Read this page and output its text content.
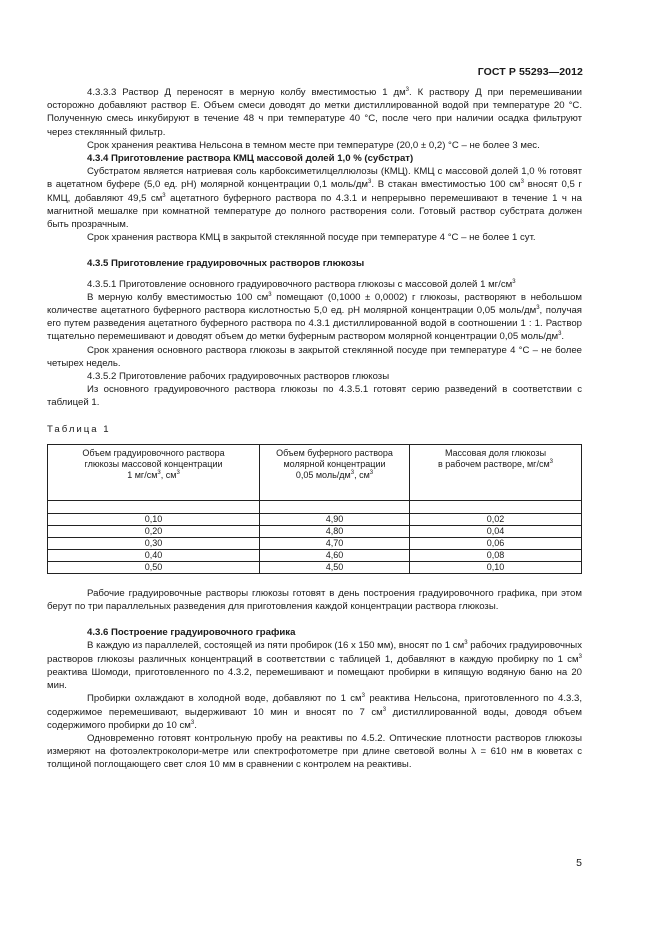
ГОСТ Р 55293—2012

4.3.3.3 Раствор Д переносят в мерную колбу вместимостью 1 $дм^3$. К раствору Д при перемешивании осторожно добавляют раствор Е. Объем смеси доводят до метки дистиллированной водой при температуре 20 °С. Полученную смесь инкубируют в течение 48 ч при температуре 40 °С, после чего при наличии осадка фильтруют через стеклянный фильтр.

Срок хранения реактива Нельсона в темном месте при температуре (20,0 ± 0,2) °С – не более 3 мес.

4.3.4 Приготовление раствора КМЦ массовой долей 1,0 % (субстрат)

Субстратом является натриевая соль карбоксиметилцеллюлозы (КМЦ). КМЦ с массовой долей 1,0 % готовят в ацетатном буфере (5,0 ед. pH) молярной концентрации 0,1 моль/$дм^3$. В стакан вместимостью 100 $см^3$ вносят 0,5 г КМЦ, добавляют 49,5 $см^3$ ацетатного буферного раствора по 4.3.1 и непрерывно перемешивают в течение 1 ч на магнитной мешалке при комнатной температуре до полного растворения соли. Готовый раствор субстрата должен быть прозрачным.

Срок хранения раствора КМЦ в закрытой стеклянной посуде при температуре 4 °С – не более 1 сут.

4.3.5 Приготовление градуировочных растворов глюкозы

4.3.5.1 Приготовление основного градуировочного раствора глюкозы с массовой долей 1 $мг/см^3$

В мерную колбу вместимостью 100 $см^3$ помещают (0,1000 ± 0,0002) г глюкозы, растворяют в небольшом количестве ацетатного буферного раствора кислотностью 5,0 ед. pH молярной концентрации 0,05 моль/$дм^3$, получая его путем разведения ацетатного буферного раствора по 4.3.1 дистиллированной водой в соотношении 1 : 1. Раствор тщательно перемешивают и доводят объем до метки буферным раствором молярной концентрации 0,05 моль/$дм^3$.

Срок хранения основного раствора глюкозы в закрытой стеклянной посуде при температуре 4 °С – не более четырех недель.

4.3.5.2 Приготовление рабочих градуировочных растворов глюкозы

Из основного градуировочного раствора глюкозы по 4.3.5.1 готовят серию разведений в соответствии с таблицей 1.

Таблица 1

Объем градуировочного раствора
глюкозы массовой концентрации
1 $мг/см^3$, $см^3$	Объем буферного раствора
молярной концентрации
0,05 моль/$дм^3$, $см^3$	Массовая доля глюкозы
в рабочем растворе, $мг/см^3$

0,10	4,90	0,02
0,20	4,80	0,04
0,30	4,70	0,06
0,40	4,60	0,08
0,50	4,50	0,10

Рабочие градуировочные растворы глюкозы готовят в день построения градуировочного графика, при этом берут по три параллельных разведения для приготовления каждой концентрации раствора глюкозы.

4.3.6 Построение градуировочного графика

В каждую из параллелей, состоящей из пяти пробирок (16 х 150 мм), вносят по 1 $см^3$ рабочих градуировочных растворов глюкозы различных концентраций в соответствии с таблицей 1, добавляют в каждую пробирку по 1 $см^3$ реактива Шомоди, приготовленного по 4.3.2, перемешивают и помещают пробирки в кипящую водяную баню на 20 мин.

Пробирки охлаждают в холодной воде, добавляют по 1 $см^3$ реактива Нельсона, приготовленного по 4.3.3, содержимое перемешивают, выдерживают 10 мин и вносят по 7 $см^3$ дистиллированной воды, доводя объем содержимого пробирки до 10 $см^3$.

Одновременно готовят контрольную пробу на реактивы по 4.5.2. Оптические плотности растворов глюкозы измеряют на фотоэлектроколори-метре или спектрофотометре при длине световой волны λ = 610 нм в кюветах с толщиной поглощающего свет слоя 10 мм в сравнении с контролем на реактивы.

5
